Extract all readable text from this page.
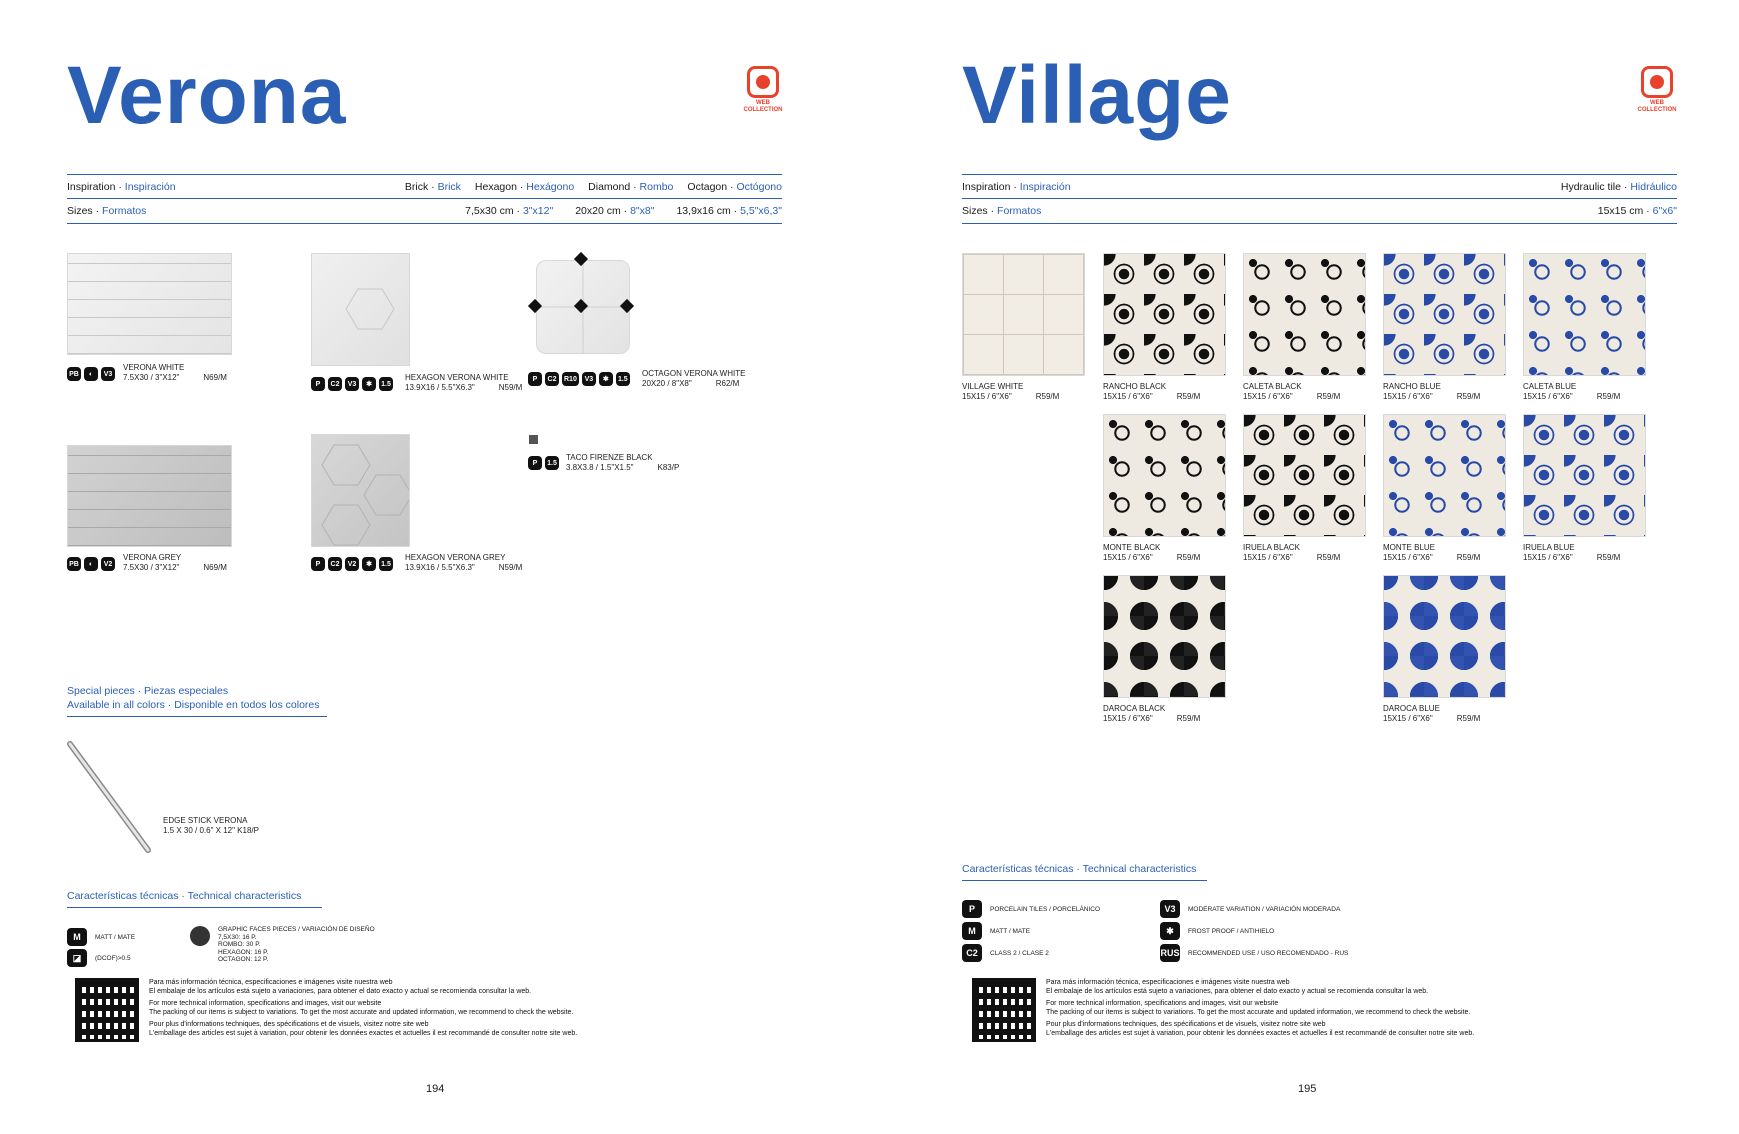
Verona	WEB
COLLECTION
Inspiration · Inspiración	Brick · Brick Hexagon · Hexágono Diamond · Rombo Octagon · Octógono
Sizes · Formatos	7,5x30 cm · 3"x12" 20x20 cm · 8"x8" 13,9x16 cm · 5,5"x6,3"
PB	◐	V3
VERONA WHITE
7.5X30 / 3"X12"	N69/M
P	C2	V3	✱	1.5
HEXAGON VERONA WHITE
13.9X16 / 5.5"X6.3"	N59/M
P	C2	R10	V3	✱	1.5
OCTAGON VERONA WHITE
20X20 / 8"X8"	R62/M
P	1.5
TACO FIRENZE BLACK
3.8X3.8 / 1.5"X1.5"	K83/P
PB	◐	V2
VERONA GREY
7.5X30 / 3"X12"	N69/M	P	C2	V2	✱	1.5
HEXAGON VERONA GREY
13.9X16 / 5.5"X6.3"	N59/M
Special pieces · Piezas especiales
Available in all colors · Disponible en todos los colores
EDGE STICK VERONA
1.5 X 30 / 0.6" X 12" K18/P
Características técnicas · Technical characteristics
M	MATT / MATE
◪	(DCOF)>0.5
GRAPHIC FACES PIECES / VARIACIÓN DE DISEÑO
7,5X30: 16 P.
ROMBO: 30 P.
HEXAGON: 16 P.
OCTAGON: 12 P.

Para más información técnica, especificaciones e imágenes visite nuestra web
El embalaje de los artículos está sujeto a variaciones, para obtener el dato exacto y actual se recomienda consultar la web.

For more technical information, specifications and images, visit our website
The packing of our items is subject to variations. To get the most accurate and updated information, we recommend to check the website.

Pour plus d'informations techniques, des spécifications et de visuels, visitez notre site web
L'emballage des articles est sujet à variation, pour obtenir les données exactes et actuelles il est recommandé de consulter notre site web.

194
Village	WEB
COLLECTION
Inspiration · Inspiración	Hydraulic tile · Hidráulico
Sizes · Formatos	15x15 cm · 6"x6"
VILLAGE WHITE
15X15 / 6"X6"	R59/M
RANCHO BLACK
15X15 / 6"X6"	R59/M
CALETA BLACK
15X15 / 6"X6"	R59/M
RANCHO BLUE
15X15 / 6"X6"	R59/M
CALETA BLUE
15X15 / 6"X6"	R59/M
MONTE BLACK
15X15 / 6"X6"	R59/M
IRUELA BLACK
15X15 / 6"X6"	R59/M
MONTE BLUE
15X15 / 6"X6"	R59/M
IRUELA BLUE
15X15 / 6"X6"	R59/M
DAROCA BLACK
15X15 / 6"X6"	R59/M
DAROCA BLUE
15X15 / 6"X6"	R59/M
Características técnicas · Technical characteristics
P	PORCELAIN TILES / PORCELÁNICO
M	MATT / MATE
C2	CLASS 2 / CLASE 2
V3	MODERATE VARIATION / VARIACIÓN MODERADA
✱	FROST PROOF / ANTIHIELO
RUS RECOMMENDED USE / USO RECOMENDADO - RUS

Para más información técnica, especificaciones e imágenes visite nuestra web
El embalaje de los artículos está sujeto a variaciones, para obtener el dato exacto y actual se recomienda consultar la web.

For more technical information, specifications and images, visit our website
The packing of our items is subject to variations. To get the most accurate and updated information, we recommend to check the website.

Pour plus d'informations techniques, des spécifications et de visuels, visitez notre site web
L'emballage des articles est sujet à variation, pour obtenir les données exactes et actuelles il est recommandé de consulter notre site web.

195
